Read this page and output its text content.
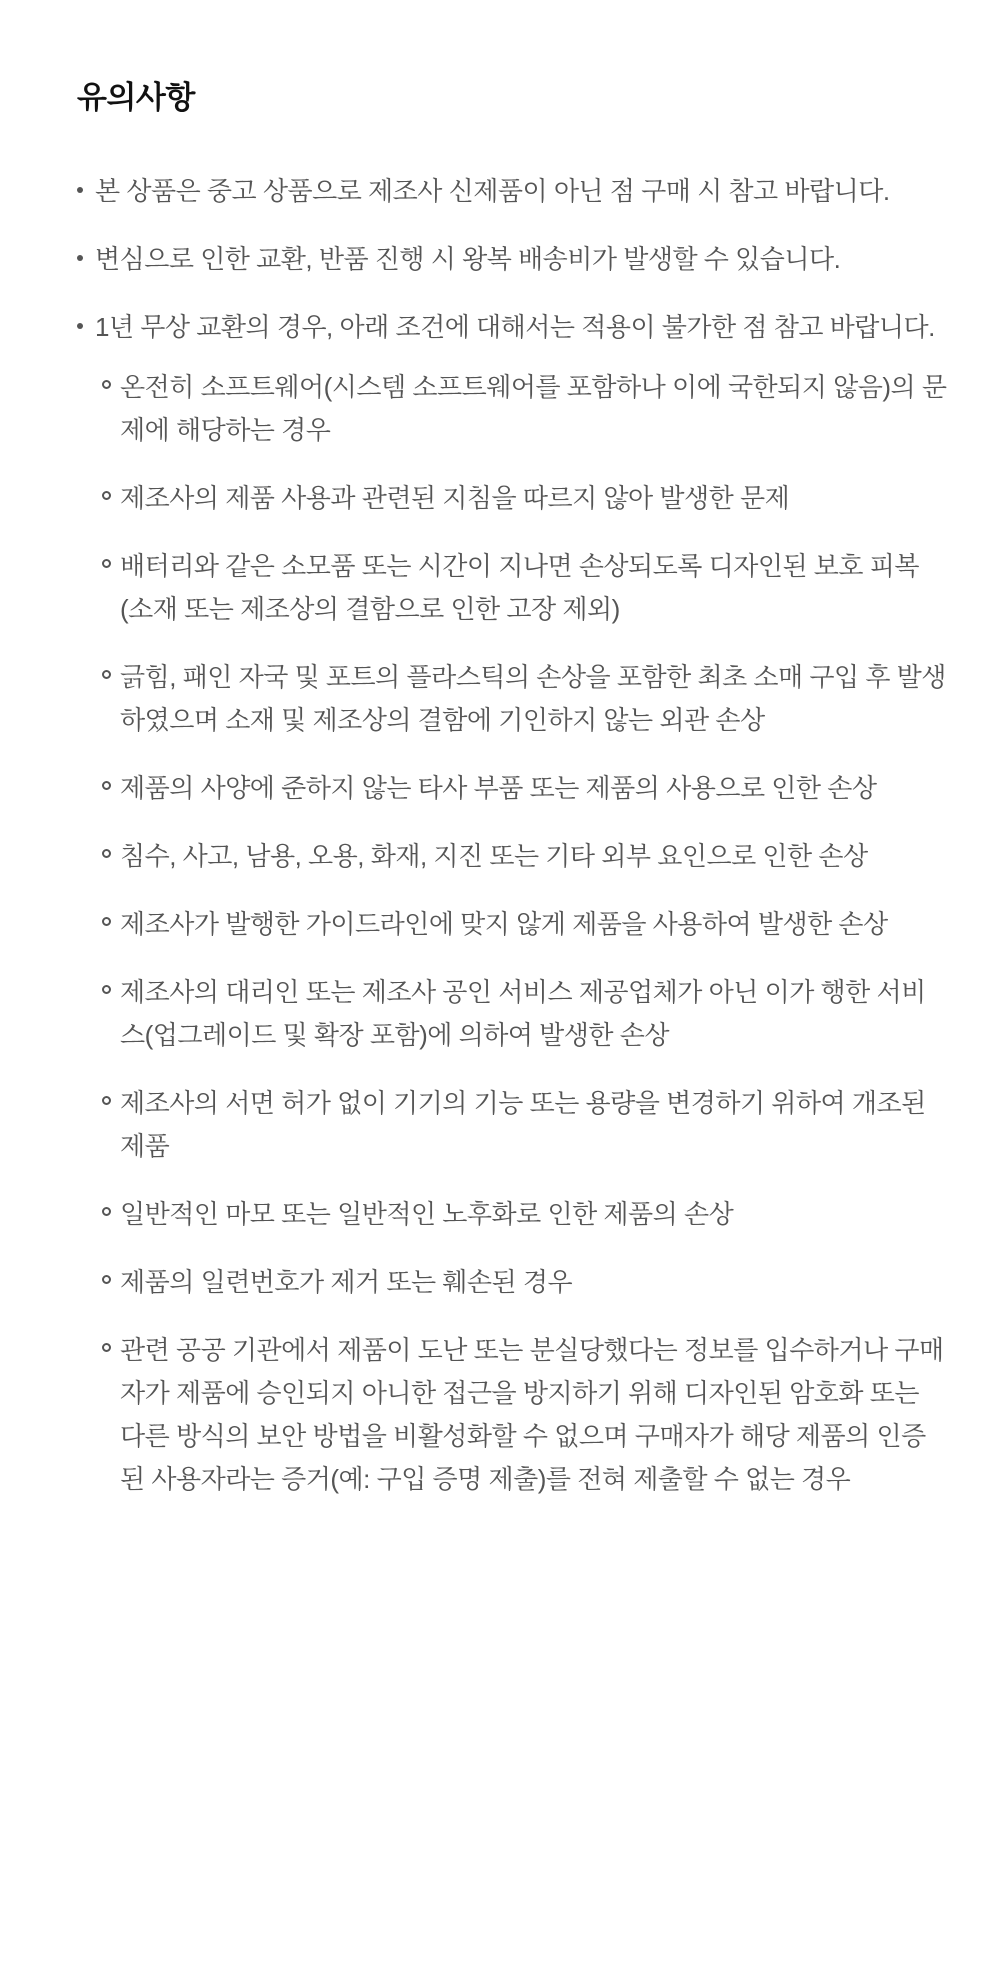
유의사항

본 상품은 중고 상품으로 제조사 신제품이 아닌 점 구매 시 참고 바랍니다.

변심으로 인한 교환, 반품 진행 시 왕복 배송비가 발생할 수 있습니다.

1년 무상 교환의 경우, 아래 조건에 대해서는 적용이 불가한 점 참고 바랍니다.

온전히 소프트웨어(시스템 소프트웨어를 포함하나 이에 국한되지 않음)의 문제에 해당하는 경우

제조사의 제품 사용과 관련된 지침을 따르지 않아 발생한 문제

배터리와 같은 소모품 또는 시간이 지나면 손상되도록 디자인된 보호 피복 (소재 또는 제조상의 결함으로 인한 고장 제외)

긁힘, 패인 자국 및 포트의 플라스틱의 손상을 포함한 최초 소매 구입 후 발생하였으며 소재 및 제조상의 결함에 기인하지 않는 외관 손상

제품의 사양에 준하지 않는 타사 부품 또는 제품의 사용으로 인한 손상

침수, 사고, 남용, 오용, 화재, 지진 또는 기타 외부 요인으로 인한 손상

제조사가 발행한 가이드라인에 맞지 않게 제품을 사용하여 발생한 손상

제조사의 대리인 또는 제조사 공인 서비스 제공업체가 아닌 이가 행한 서비스(업그레이드 및 확장 포함)에 의하여 발생한 손상

제조사의 서면 허가 없이 기기의 기능 또는 용량을 변경하기 위하여 개조된 제품

일반적인 마모 또는 일반적인 노후화로 인한 제품의 손상

제품의 일련번호가 제거 또는 훼손된 경우

관련 공공 기관에서 제품이 도난 또는 분실당했다는 정보를 입수하거나 구매자가 제품에 승인되지 아니한 접근을 방지하기 위해 디자인된 암호화 또는 다른 방식의 보안 방법을 비활성화할 수 없으며 구매자가 해당 제품의 인증된 사용자라는 증거(예: 구입 증명 제출)를 전혀 제출할 수 없는 경우
